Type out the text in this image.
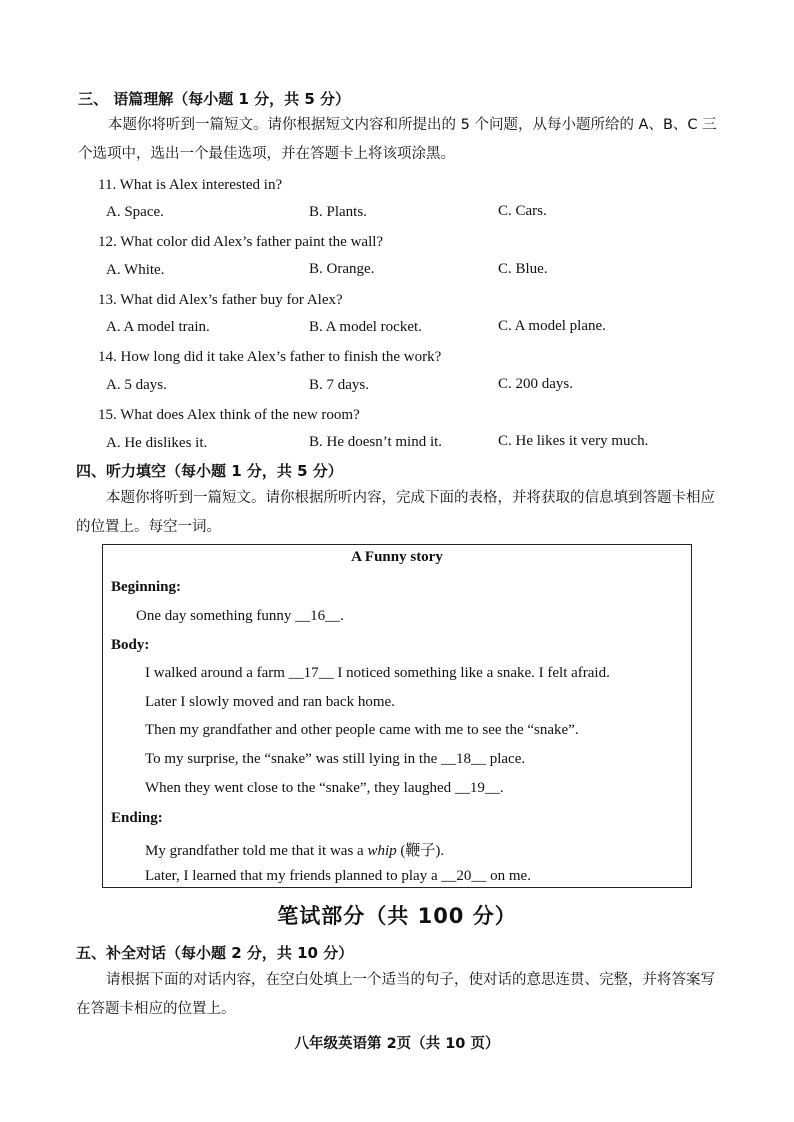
三、 语篇理解（每小题 1 分，共 5 分）
本题你将听到一篇短文。请你根据短文内容和所提出的 5 个问题，从每小题所给的 A、B、C 三个选项中，选出一个最佳选项，并在答题卡上将该项涂黑。
11. What is Alex interested in?
A. Space.	B. Plants.	C. Cars.
12. What color did Alex’s father paint the wall?
A. White.	B. Orange.	C. Blue.
13. What did Alex’s father buy for Alex?
A. A model train.	B. A model rocket.	C. A model plane.
14. How long did it take Alex’s father to finish the work?
A. 5 days.	B. 7 days.	C. 200 days.
15. What does Alex think of the new room?
A. He dislikes it.	B. He doesn’t mind it.	C. He likes it very much.
四、听力填空（每小题 1 分，共 5 分）
本题你将听到一篇短文。请你根据所听内容，完成下面的表格，并将获取的信息填到答题卡相应的位置上。每空一词。
A Funny story
Beginning:
One day something funny __16__.
Body:
I walked around a farm __17__ I noticed something like a snake. I felt afraid.
Later I slowly moved and ran back home.
Then my grandfather and other people came with me to see the “snake”.
To my surprise, the “snake” was still lying in the __18__ place.
When they went close to the “snake”, they laughed __19__.
Ending:
My grandfather told me that it was a whip (鞭子).
Later, I learned that my friends planned to play a __20__ on me.
笔试部分（共 100 分）
五、补全对话（每小题 2 分，共 10 分）
请根据下面的对话内容，在空白处填上一个适当的句子，使对话的意思连贯、完整，并将答案写在答题卡相应的位置上。
八年级英语第 2页（共 10 页）
